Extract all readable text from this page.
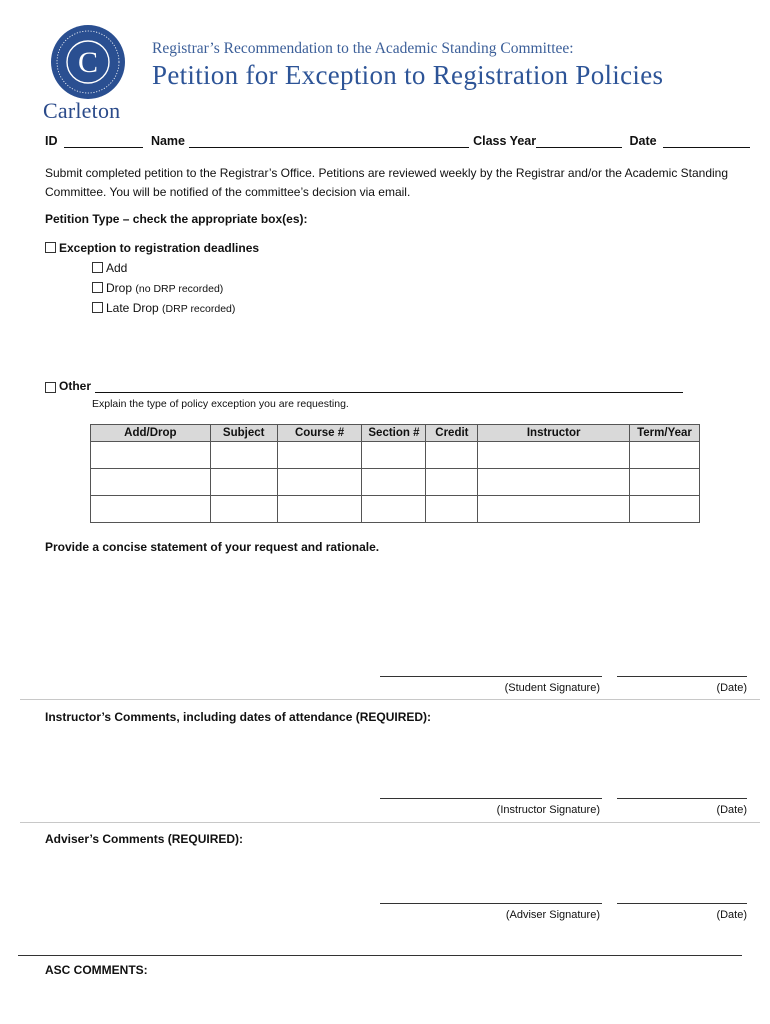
C
Carleton
Registrar’s Recommendation to the Academic Standing Committee:
Petition for Exception to Registration Policies
ID	Name	Class Year	Date
Submit completed petition to the Registrar’s Office. Petitions are reviewed weekly by the Registrar and/or the Academic Standing Committee. You will be notified of the committee’s decision via email.
Petition Type – check the appropriate box(es):
Exception to registration deadlines
Add
Drop (no DRP recorded)
Late Drop (DRP recorded)
Other
Explain the type of policy exception you are requesting.
Add/Drop	Subject	Course #	Section #	Credit	Instructor	Term/Year

Provide a concise statement of your request and rationale.
(Student Signature)	(Date)
Instructor’s Comments, including dates of attendance (REQUIRED):
(Instructor Signature)	(Date)
Adviser’s Comments (REQUIRED):
(Adviser Signature)	(Date)
ASC COMMENTS:
